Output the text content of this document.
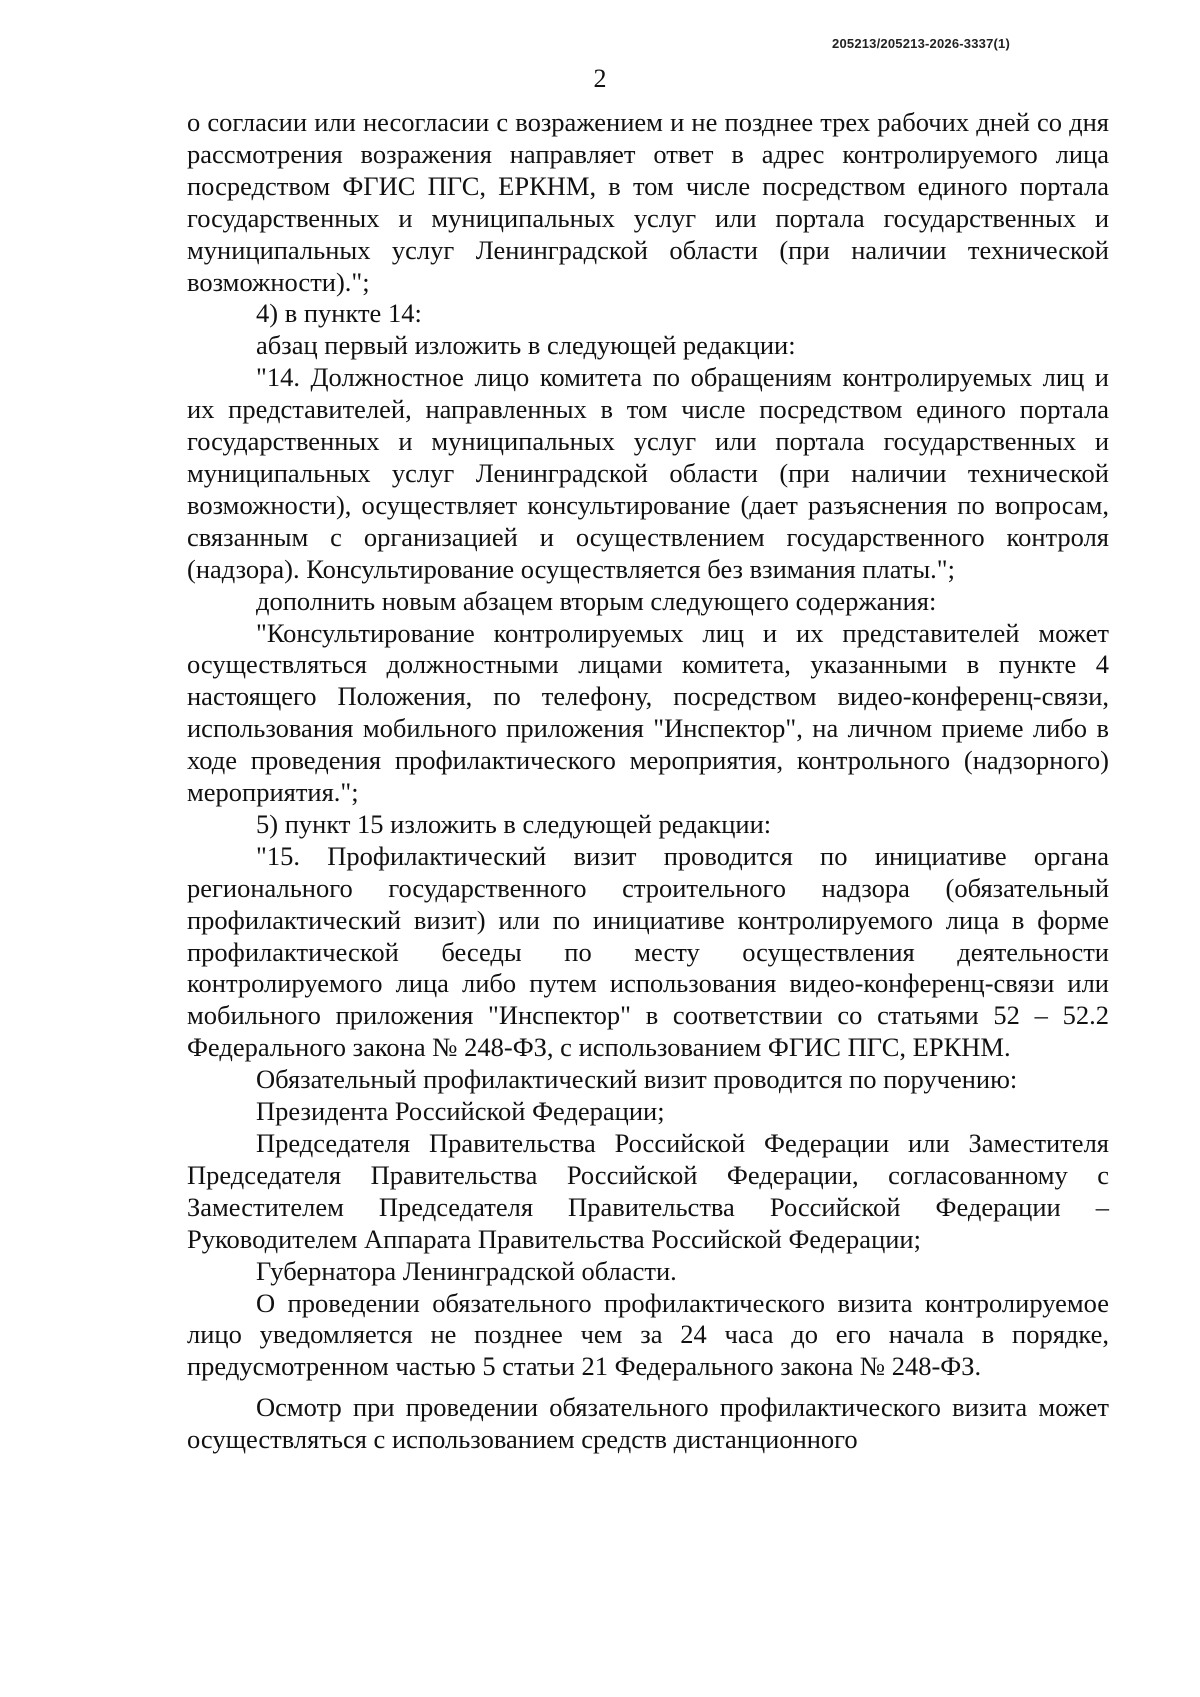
205213/205213-2026-3337(1)
2

о согласии или несогласии с возражением и не позднее трех рабочих дней со дня рассмотрения возражения направляет ответ в адрес контролируемого лица посредством ФГИС ПГС, ЕРКНМ, в том числе посредством единого портала государственных и муниципальных услуг или портала государственных и муниципальных услуг Ленинградской области (при наличии технической возможности).";

4) в пункте 14:

абзац первый изложить в следующей редакции:

"14. Должностное лицо комитета по обращениям контролируемых лиц и их представителей, направленных в том числе посредством единого портала государственных и муниципальных услуг или портала государственных и муниципальных услуг Ленинградской области (при наличии технической возможности), осуществляет консультирование (дает разъяснения по вопросам, связанным с организацией и осуществлением государственного контроля (надзора). Консультирование осуществляется без взимания платы.";

дополнить новым абзацем вторым следующего содержания:

"Консультирование контролируемых лиц и их представителей может осуществляться должностными лицами комитета, указанными в пункте 4 настоящего Положения, по телефону, посредством видео-конференц-связи, использования мобильного приложения "Инспектор", на личном приеме либо в ходе проведения профилактического мероприятия, контрольного (надзорного) мероприятия.";

5) пункт 15 изложить в следующей редакции:

"15. Профилактический визит проводится по инициативе органа регионального государственного строительного надзора (обязательный профилактический визит) или по инициативе контролируемого лица в форме профилактической беседы по месту осуществления деятельности контролируемого лица либо путем использования видео-конференц-связи или мобильного приложения "Инспектор" в соответствии со статьями 52 – 52.2 Федерального закона № 248-ФЗ, с использованием ФГИС ПГС, ЕРКНМ.

Обязательный профилактический визит проводится по поручению:

Президента Российской Федерации;

Председателя Правительства Российской Федерации или Заместителя Председателя Правительства Российской Федерации, согласованному с Заместителем Председателя Правительства Российской Федерации – Руководителем Аппарата Правительства Российской Федерации;

Губернатора Ленинградской области.

О проведении обязательного профилактического визита контролируемое лицо уведомляется не позднее чем за 24 часа до его начала в порядке, предусмотренном частью 5 статьи 21 Федерального закона № 248-ФЗ.

Осмотр при проведении обязательного профилактического визита может осуществляться с использованием средств дистанционного
